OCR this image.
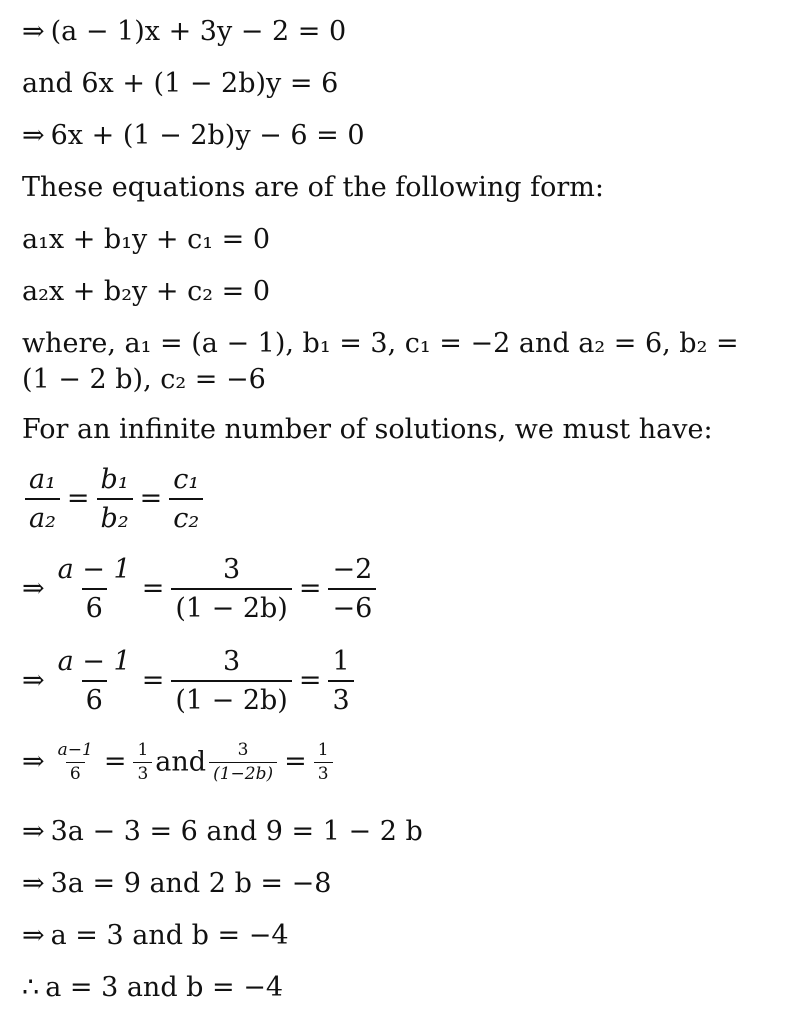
⇒ (a − 1)x + 3y − 2 = 0
and 6x + (1 − 2b)y = 6
⇒ 6x + (1 − 2b)y − 6 = 0
These equations are of the following form:
a₁x + b₁y + c₁ = 0
a₂x + b₂y + c₂ = 0
where, a₁ = (a − 1), b₁ = 3, c₁ = −2 and a₂ = 6, b₂ =
(1 − 2 b), c₂ = −6
For an infinite number of solutions, we must have:
$\frac{\text{a₁}}{\text{a₂}} = \frac{\text{b₁}}{\text{b₂}} = \frac{\text{c₁}}{\text{c₂}}$
⇒ $\frac{a - 1}{6} = \frac{3}{(1 - 2b)} = \frac{-2}{-6}$
⇒ $\frac{a - 1}{6} = \frac{3}{(1 - 2b)} = \frac{1}{3}$
⇒ $\frac{a-1}{6} = \frac{1}{3}$ and $\frac{3}{(1-2b)} = \frac{1}{3}$
⇒ 3a − 3 = 6 and 9 = 1 − 2 b
⇒ 3a = 9 and 2 b = −8
⇒ a = 3 and b = −4
∴ a = 3 and b = −4
